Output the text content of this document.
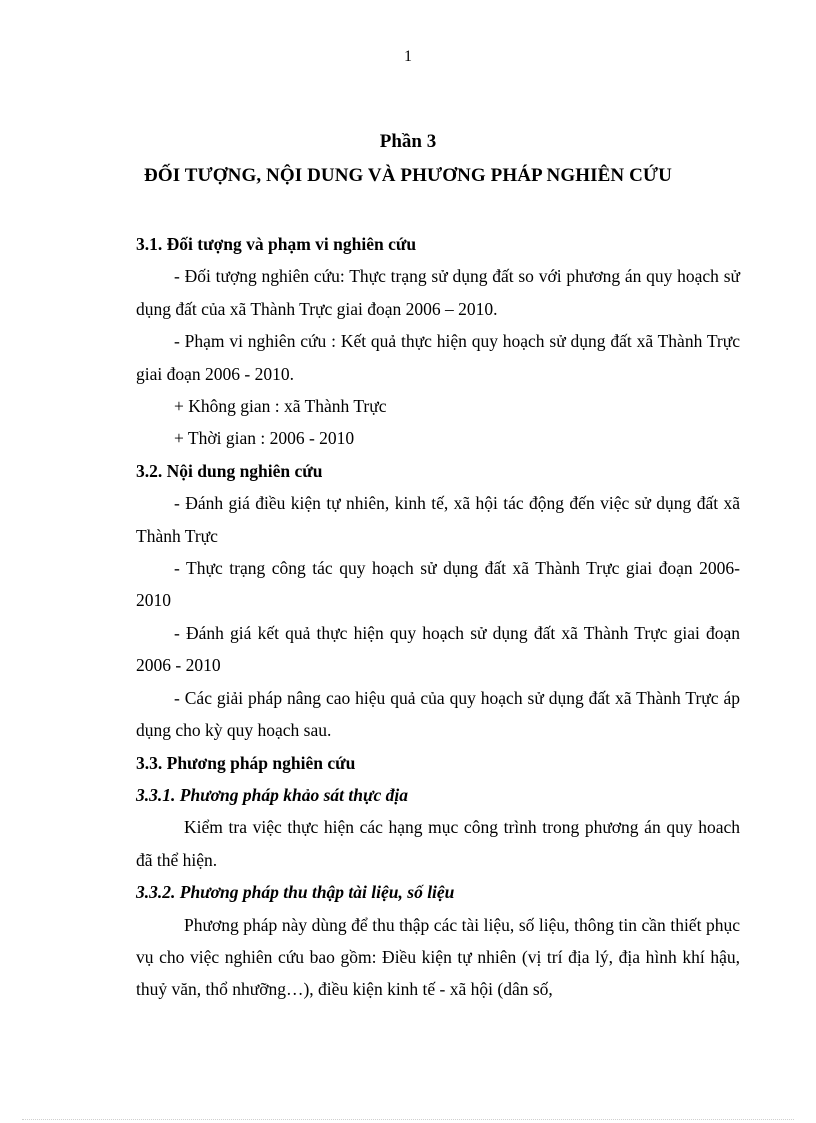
1
Phần 3
ĐỐI TƯỢNG, NỘI DUNG VÀ PHƯƠNG PHÁP NGHIÊN CỨU

3.1. Đối tượng và phạm vi nghiên cứu

- Đối tượng nghiên cứu: Thực trạng sử dụng đất so với phương án quy hoạch sử dụng đất của xã Thành Trực giai đoạn 2006 – 2010.

- Phạm vi nghiên cứu : Kết quả thực hiện quy hoạch sử dụng đất xã Thành Trực giai đoạn 2006 - 2010.

+ Không gian : xã Thành Trực

+ Thời gian : 2006 - 2010

3.2. Nội dung nghiên cứu

- Đánh giá điều kiện tự nhiên, kinh tế, xã hội tác động đến việc sử dụng đất xã Thành Trực

- Thực trạng công tác quy hoạch sử dụng đất xã Thành Trực giai đoạn 2006- 2010

- Đánh giá kết quả thực hiện quy hoạch sử dụng đất xã Thành Trực giai đoạn 2006 - 2010

- Các giải pháp nâng cao hiệu quả của quy hoạch sử dụng đất xã Thành Trực áp dụng cho kỳ quy hoạch sau.

3.3. Phương pháp nghiên cứu

3.3.1. Phương pháp khảo sát thực địa

Kiểm tra việc thực hiện các hạng mục công trình trong phương án quy hoach đã thể hiện.

3.3.2. Phương pháp thu thập tài liệu, số liệu

Phương pháp này dùng để thu thập các tài liệu, số liệu, thông tin cần thiết phục vụ cho việc nghiên cứu bao gồm: Điều kiện tự nhiên (vị trí địa lý, địa hình khí hậu, thuỷ văn, thổ nhưỡng…), điều kiện kinh tế - xã hội (dân số,
